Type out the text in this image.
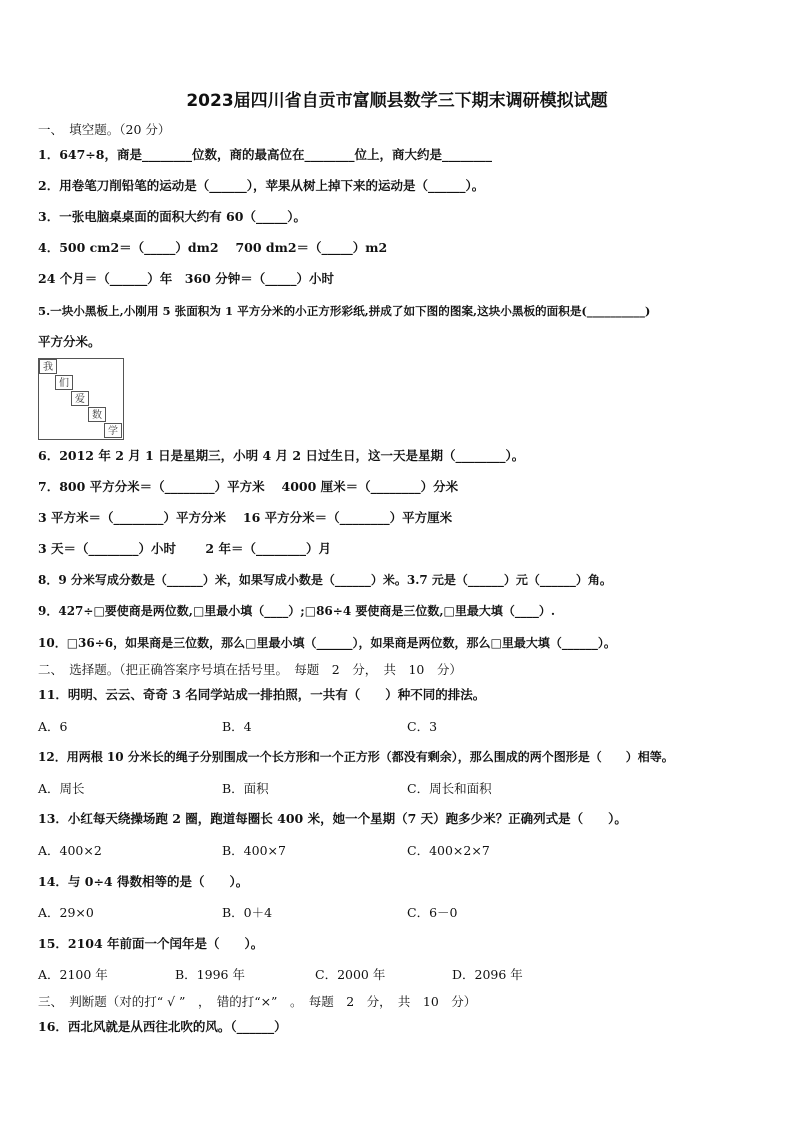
2023届四川省自贡市富顺县数学三下期末调研模拟试题
一、　填空题。（20 分）
1．647÷8，商是________位数，商的最高位在________位上，商大约是________
2．用卷笔刀削铅笔的运动是（______），苹果从树上掉下来的运动是（______）。
3．一张电脑桌桌面的面积大约有 60（_____）。
4．500 cm2＝（_____）dm2　 700 dm2＝（_____）m2
24 个月＝（______）年　360 分钟＝（_____）小时
5.一块小黑板上,小刚用 5 张面积为 1 平方分米的小正方形彩纸,拼成了如下图的图案,这块小黑板的面积是(__________)
平方分米。
我
们
爱
数
学
6．2012 年 2 月 1 日是星期三，小明 4 月 2 日过生日，这一天是星期（________）。
7．800 平方分米＝（________）平方米　 4000 厘米＝（________）分米
3 平方米＝（________）平方分米　 16 平方分米＝（________）平方厘米
3 天＝（________）小时　　 2 年＝（________）月
8．9 分米写成分数是（______）米，如果写成小数是（______）米。3.7 元是（______）元（______）角。
9．427÷□要使商是两位数,□里最小填（____）;□86÷4 要使商是三位数,□里最大填（____）.
10．□36÷6，如果商是三位数，那么□里最小填（______），如果商是两位数，那么□里最大填（______）。
二、　选择题。（把正确答案序号填在括号里。　每题　2　分，　共　10　分）
11．明明、云云、奇奇 3 名同学站成一排拍照，一共有（　　）种不同的排法。
A．6	B．4	C．3
12．用两根 10 分米长的绳子分别围成一个长方形和一个正方形（都没有剩余），那么围成的两个图形是（　　）相等。
A．周长	B．面积	C．周长和面积
13．小红每天绕操场跑 2 圈，跑道每圈长 400 米，她一个星期（7 天）跑多少米？正确列式是（　　）。
A．400×2	B．400×7	C．400×2×7
14．与 0÷4 得数相等的是（　　）。
A．29×0	B．0＋4	C．6－0
15．2104 年前面一个闰年是（　　）。
A．2100 年	B．1996 年	C．2000 年	D．2096 年
三、　判断题（对的打“ √ ”　，　错的打“×”　。　每题　2　分，　共　10　分）
16．西北风就是从西往北吹的风。（______）
